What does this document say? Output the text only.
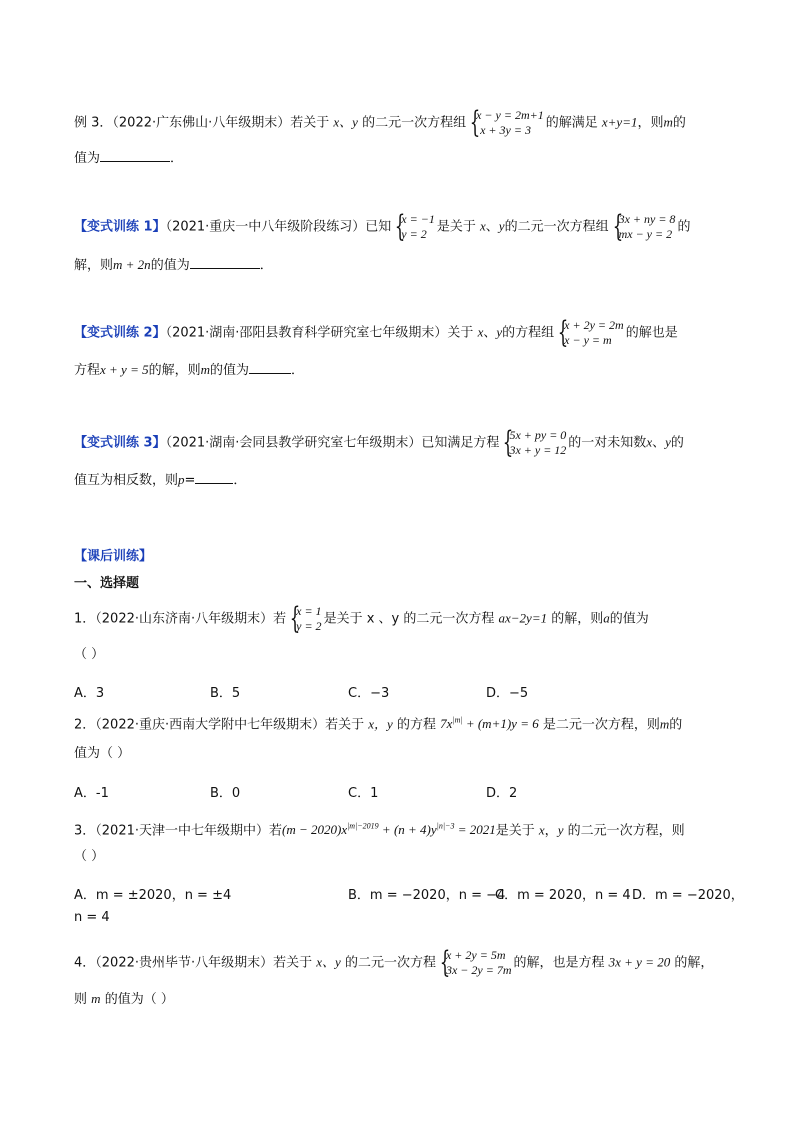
例 3．（2022·广东佛山·八年级期末）若关于 x、y 的二元一次方程组 {
x − y = 2m+1
x + 3y = 3	的解满足 x+y=1，则m的
值为	．
【变式训练 1】（2021·重庆一中八年级阶段练习）已知 {
x = −1
y = 2 是关于 x、y的二元一次方程组 {
3x + ny = 8
mx − y = 2 的
解，则m + 2n的值为	．
【变式训练 2】（2021·湖南·邵阳县教育科学研究室七年级期末）关于 x、y的方程组 {
x + 2y = 2m
x − y = m	的解也是
方程x + y = 5的解，则m的值为	．
【变式训练 3】（2021·湖南·会同县教学研究室七年级期末）已知满足方程 {
5x + py = 0
3x + y = 12 的一对未知数x、y的
值互为相反数，则p=	．
【课后训练】
一、选择题
1．（2022·山东济南·八年级期末）若 {
x = 1
y = 2 是关于 x 、y 的二元一次方程 ax−2y=1 的解，则a的值为
（ ）
A．3	B．5	C．−3	D．−5
2．（2022·重庆·西南大学附中七年级期末）若关于 x，y 的方程 $7x^{|m|} + (m+1)y = 6$ 是二元一次方程，则m的
值为（ ）
A．-1	B．0	C．1	D．2
3．（2021·天津一中七年级期中）若$(m - 2020)x^{|m|-2019} + (n + 4)y^{|n|-3} = 2021$是关于 x，y 的二元一次方程，则
（ ）
A．m = ±2020，n = ±4	B．m = −2020，n = −4
C．m = 2020，n = 4 D．m = −2020，
n = 4
4．（2022·贵州毕节·八年级期末）若关于 x、y 的二元一次方程 {
x + 2y = 5m
3x − 2y = 7m 的解，也是方程 3x + y = 20 的解，
则 m 的值为（ ）
